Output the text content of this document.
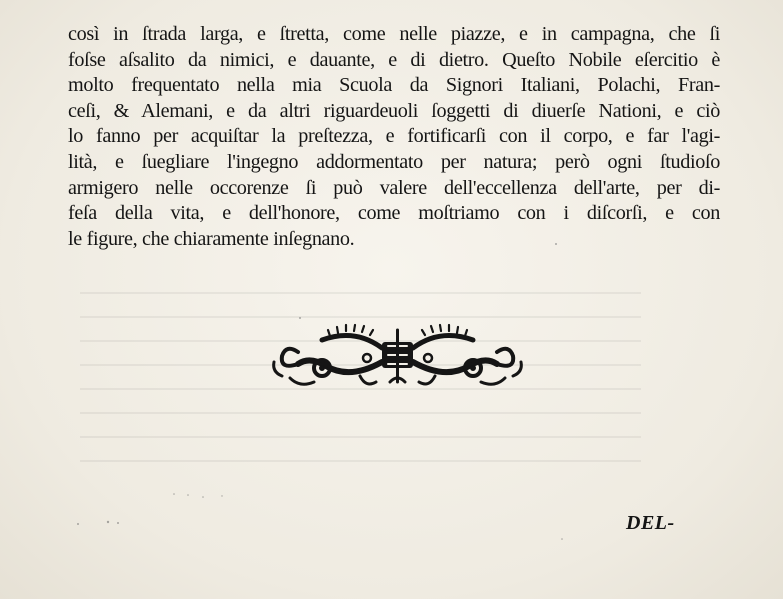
così in ſtrada larga, e ſtretta, come nelle piazze, e in campagna, che ſi
foſse aſsalito da nimici, e dauante, e di dietro. Queſto Nobile eſercitio è
molto frequentato nella mia Scuola da Signori Italiani, Polachi, Fran-
ceſi, & Alemani, e da altri riguardeuoli ſoggetti di diuerſe Nationi, e ciò
lo fanno per acquiſtar la preſtezza, e fortificarſi con il corpo, e far l'agi-
lità, e ſuegliare l'ingegno addormentato per natura; però ogni ſtudioſo
armigero nelle occorenze ſi può valere dell'eccellenza dell'arte, per di-
feſa della vita, e dell'honore, come moſtriamo con i diſcorſi, e con
le figure, che chiaramente inſegnano.
DEL-
